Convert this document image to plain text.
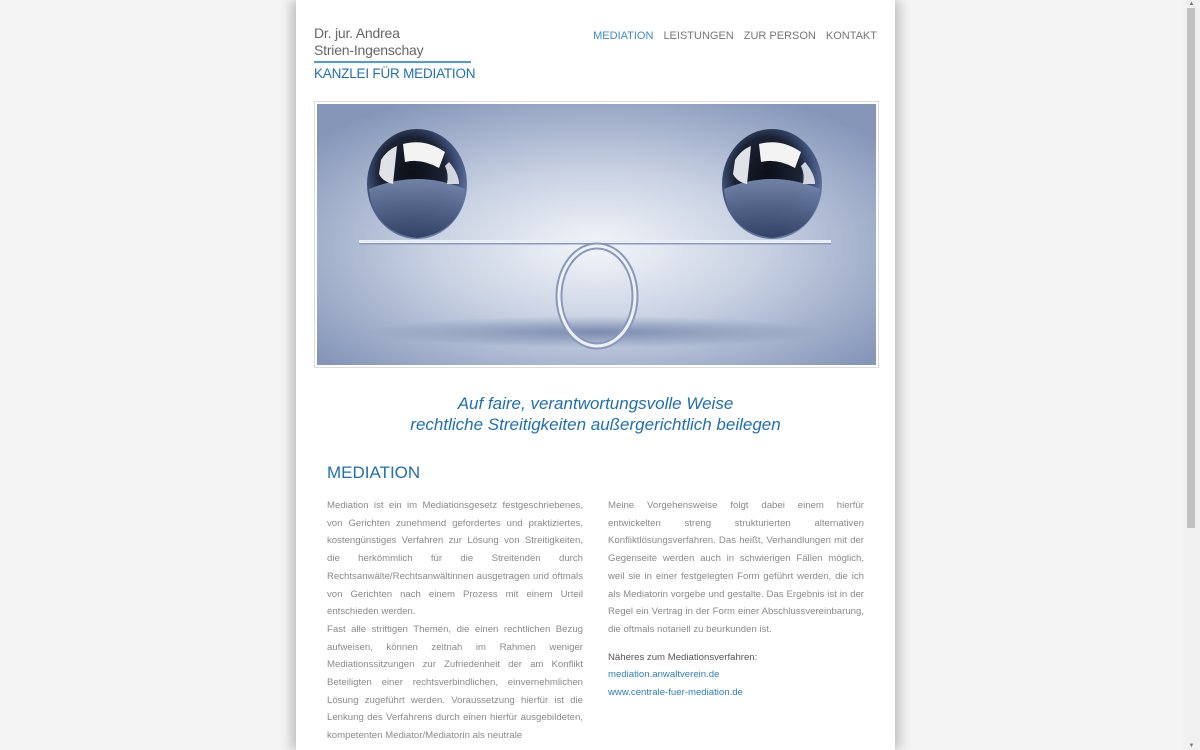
Dr. jur. Andrea
Strien-Ingenschay
KANZLEI FÜR MEDIATION
MEDIATION LEISTUNGEN ZUR PERSON KONTAKT
Auf faire, verantwortungsvolle Weise
rechtliche Streitigkeiten außergerichtlich beilegen
MEDIATION

Mediation ist ein im Mediationsgesetz festgeschriebenes, von Gerichten zunehmend gefordertes und praktiziertes, kostengünstiges Verfahren zur Lösung von Streitigkeiten, die herkömmlich für die Streitenden durch Rechtsanwälte/Rechtsanwältinnen ausgetragen und oftmals von Gerichten nach einem Prozess mit einem Urteil entschieden werden.

Fast alle strittigen Themen, die einen rechtlichen Bezug aufweisen, können zeitnah im Rahmen weniger Mediationssitzungen zur Zufriedenheit der am Konflikt Beteiligten einer rechtsverbindlichen, einvernehmlichen Lösung zugeführt werden. Voraussetzung hierfür ist die Lenkung des Verfahrens durch einen hierfür ausgebildeten, kompetenten Mediator/Mediatorin als neutrale

Meine Vorgehensweise folgt dabei einem hierfür entwickelten streng strukturierten alternativen Konfliktlösungsverfahren. Das heißt, Verhandlungen mit der Gegenseite werden auch in schwierigen Fällen möglich, weil sie in einer festgelegten Form geführt werden, die ich als Mediatorin vorgebe und gestalte. Das Ergebnis ist in der Regel ein Vertrag in der Form einer Abschlussvereinbarung, die oftmals notariell zu beurkunden ist.

Näheres zum Mediationsverfahren:

mediation.anwaltverein.de
www.centrale-fuer-mediation.de
▲
▼
